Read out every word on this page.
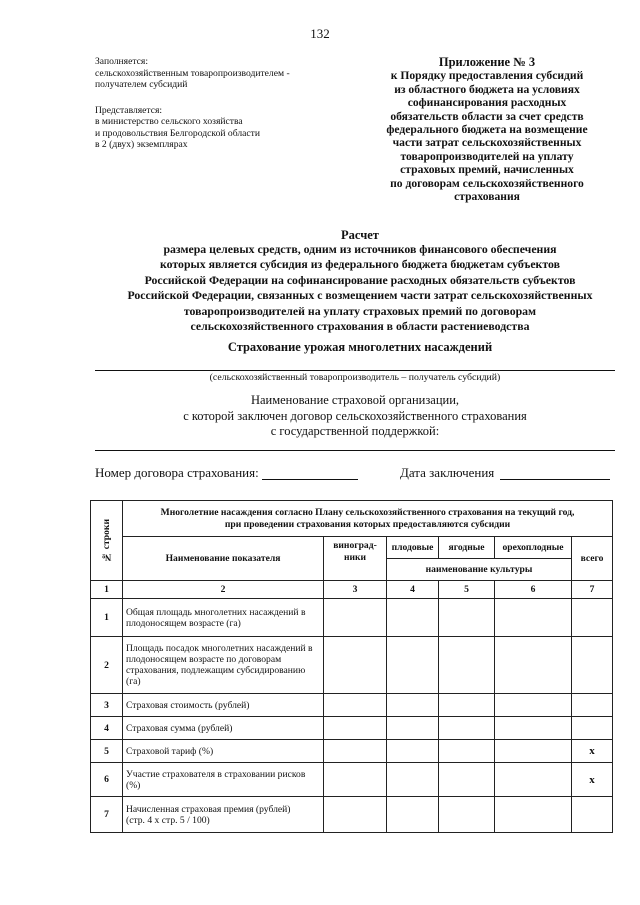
132
Заполняется:
сельскохозяйственным товаропроизводителем -
получателем субсидий
Представляется:
в министерство сельского хозяйства
и продовольствия Белгородской области
в 2 (двух) экземплярах
Приложение № 3
к Порядку предоставления субсидий
из областного бюджета на условиях
софинансирования расходных
обязательств области за счет средств
федерального бюджета на возмещение
части затрат сельскохозяйственных
товаропроизводителей на уплату
страховых премий, начисленных
по договорам сельскохозяйственного
страхования
Расчет
размера целевых средств, одним из источников финансового обеспечения
которых является субсидия из федерального бюджета бюджетам субъектов
Российской Федерации на софинансирование расходных обязательств субъектов
Российской Федерации, связанных с возмещением части затрат сельскохозяйственных
товаропроизводителей на уплату страховых премий по договорам
сельскохозяйственного страхования в области растениеводства
Страхование урожая многолетних насаждений
(сельскохозяйственный товаропроизводитель – получатель субсидий)
Наименование страховой организации,
с которой заключен договор сельскохозяйственного страхования
с государственной поддержкой:
Номер договора страхования:	Дата заключения
№ строки	Многолетние насаждения согласно Плану сельскохозяйственного страхования на текущий год,
при проведении страхования которых предоставляются субсидии					

	Наименование показателя	виноград-
ники	плодовые	ягодные	орехоплодные	всего
			наименование культуры			
1	2	3	4	5	6	7
1	Общая площадь многолетних насаждений в
плодоносящем возрасте (га)					

2	Площадь посадок многолетних насаждений в
плодоносящем возрасте по договорам
страхования, подлежащим субсидированию
(га)					

3	Страховая стоимость (рублей)					

4	Страховая сумма (рублей)					

5	Страховой тариф (%)					x
6	Участие страхователя в страховании рисков
(%)					x
7	Начисленная страховая премия (рублей)
(стр. 4 х стр. 5 / 100)					
